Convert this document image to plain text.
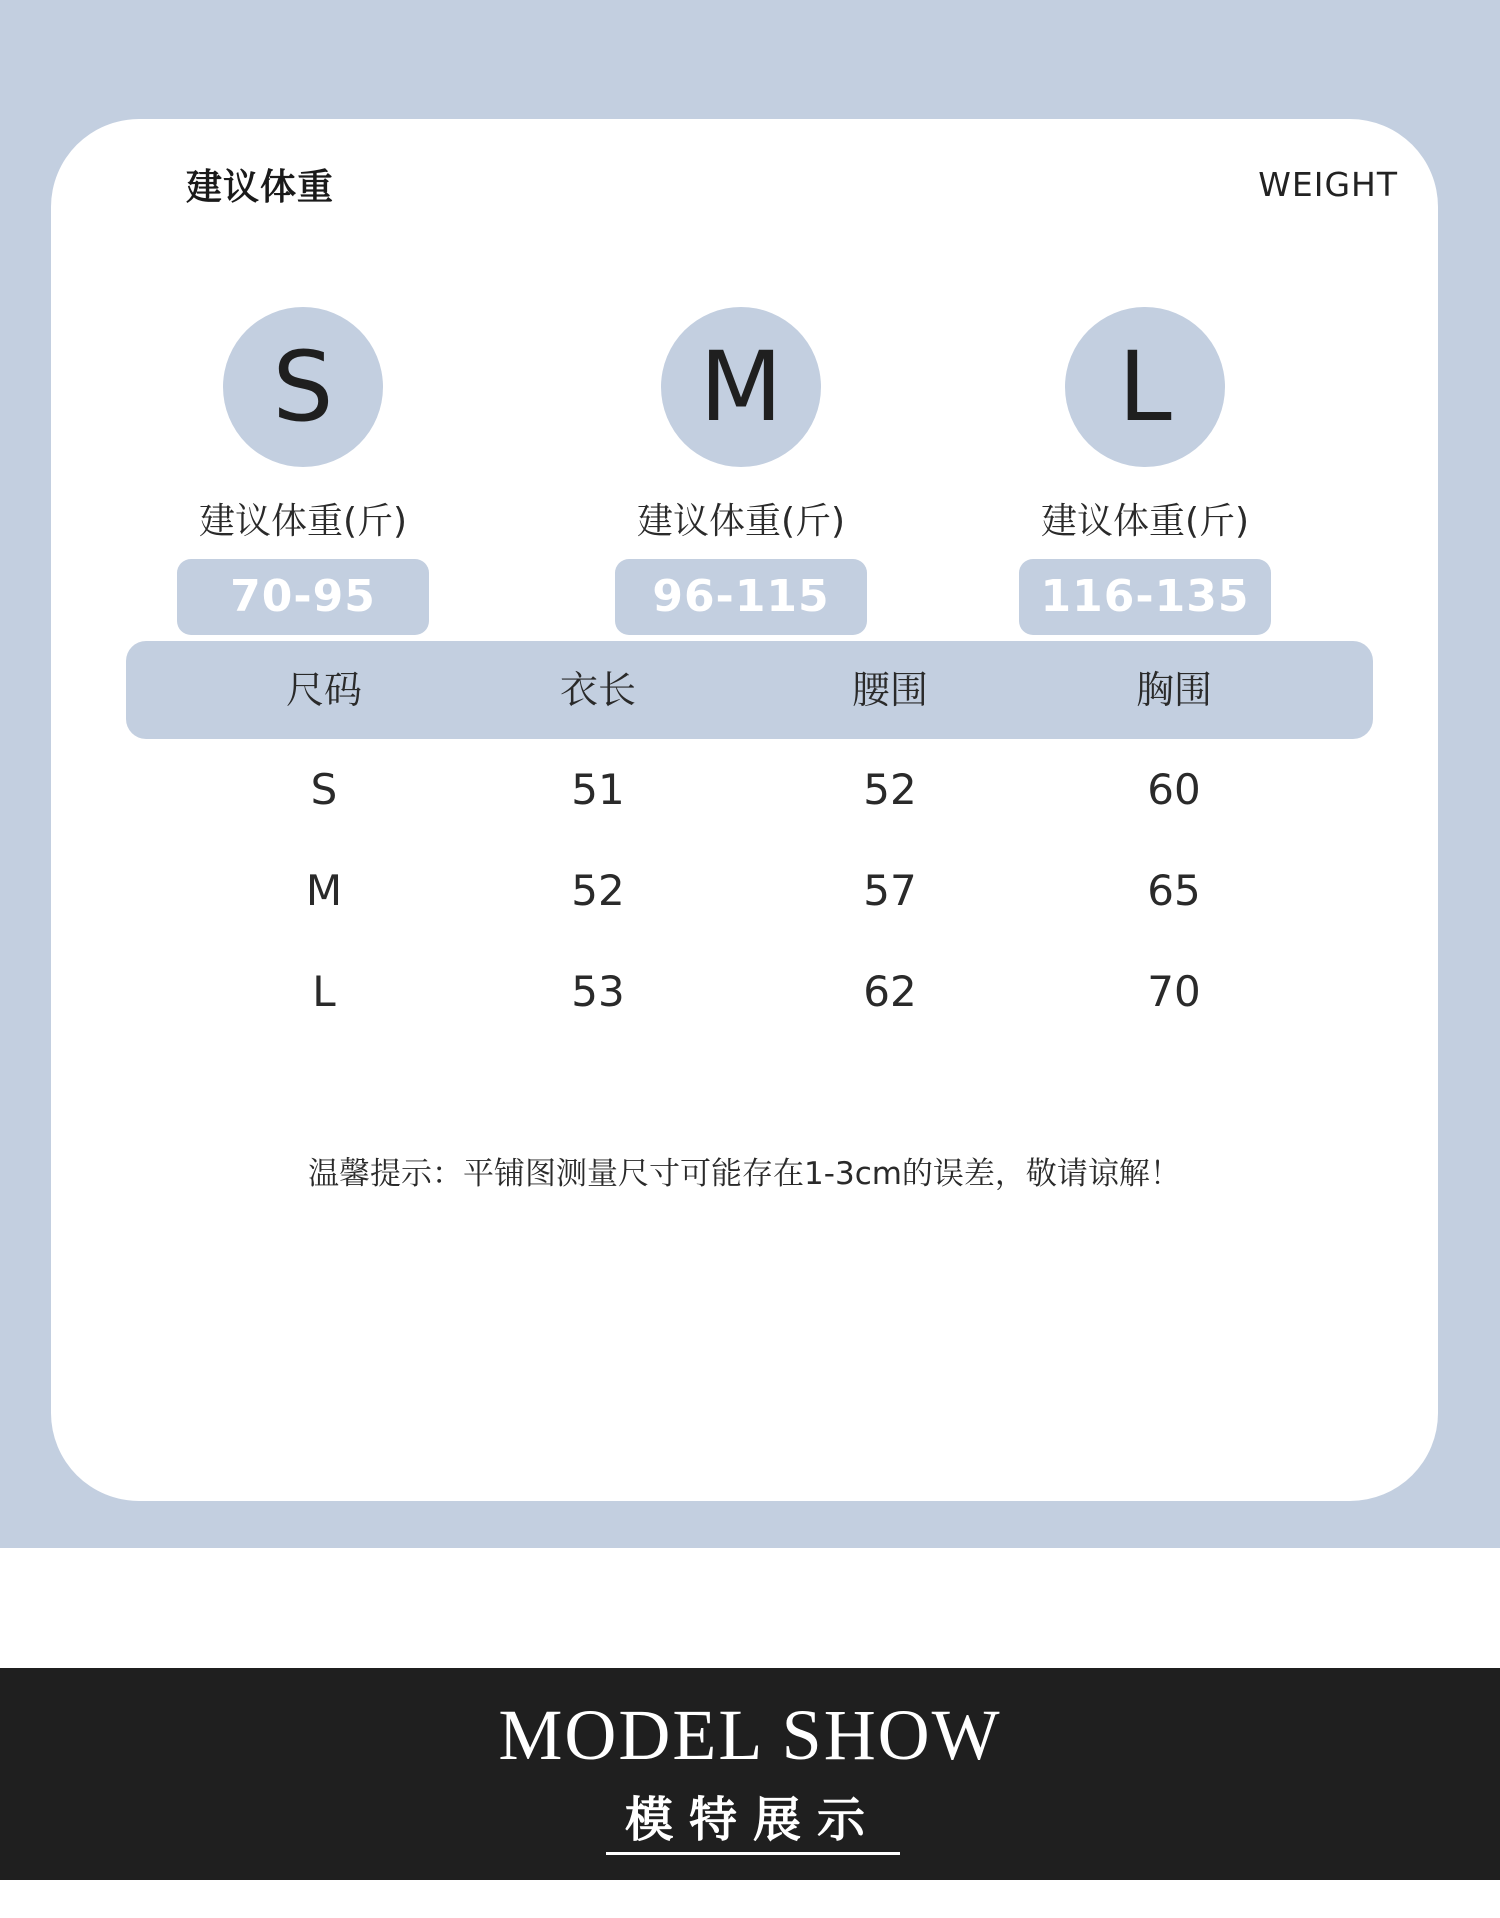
建议体重	WEIGHT
S
建议体重(斤)
70-95
M
建议体重(斤)
96-115
L
建议体重(斤)
116-135
尺码	衣长	腰围	胸围
S	51	52	60
M	52	57	65
L	53	62	70
温馨提示：平铺图测量尺寸可能存在1-3cm的误差，敬请谅解！
MODEL SHOW
模特展示
